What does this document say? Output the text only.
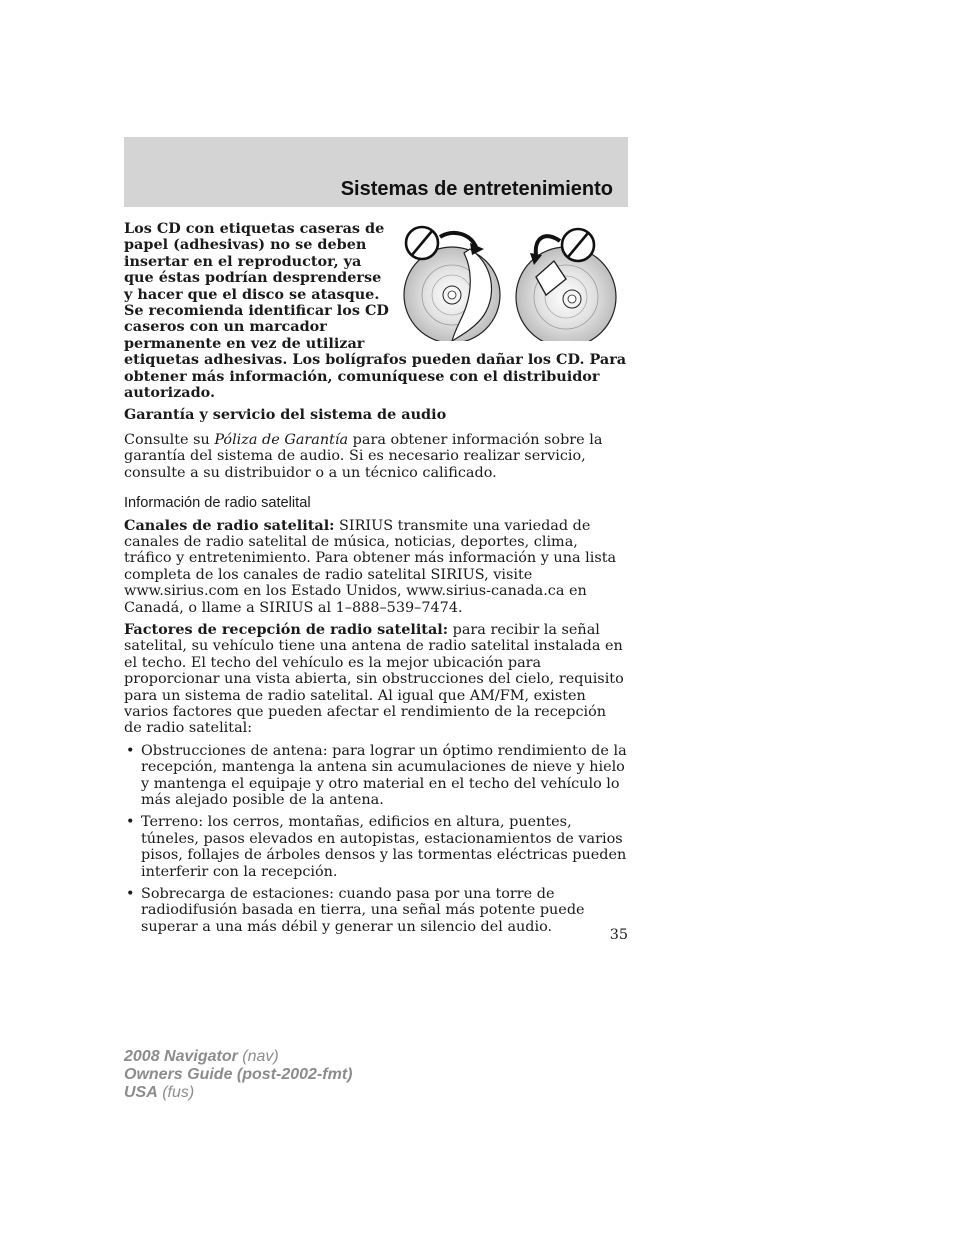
Sistemas de entretenimiento

Los CD con etiquetas caseras de papel (adhesivas) no se deben insertar en el reproductor, ya que éstas podrían desprenderse y hacer que el disco se atasque. Se recomienda identificar los CD caseros con un marcador permanente en vez de utilizar etiquetas adhesivas. Los bolígrafos pueden dañar los CD. Para obtener más información, comuníquese con el distribuidor autorizado.

Garantía y servicio del sistema de audio

Consulte su Póliza de Garantía para obtener información sobre la garantía del sistema de audio. Si es necesario realizar servicio, consulte a su distribuidor o a un técnico calificado.

Información de radio satelital

Canales de radio satelital: SIRIUS transmite una variedad de canales de radio satelital de música, noticias, deportes, clima, tráfico y entretenimiento. Para obtener más información y una lista completa de los canales de radio satelital SIRIUS, visite www.sirius.com en los Estado Unidos, www.sirius-canada.ca en Canadá, o llame a SIRIUS al 1–888–539–7474.

Factores de recepción de radio satelital: para recibir la señal satelital, su vehículo tiene una antena de radio satelital instalada en el techo. El techo del vehículo es la mejor ubicación para proporcionar una vista abierta, sin obstrucciones del cielo, requisito para un sistema de radio satelital. Al igual que AM/FM, existen varios factores que pueden afectar el rendimiento de la recepción de radio satelital:

• Obstrucciones de antena: para lograr un óptimo rendimiento de la recepción, mantenga la antena sin acumulaciones de nieve y hielo y mantenga el equipaje y otro material en el techo del vehículo lo más alejado posible de la antena.
• Terreno: los cerros, montañas, edificios en altura, puentes, túneles, pasos elevados en autopistas, estacionamientos de varios pisos, follajes de árboles densos y las tormentas eléctricas pueden interferir con la recepción.
• Sobrecarga de estaciones: cuando pasa por una torre de radiodifusión basada en tierra, una señal más potente puede superar a una más débil y generar un silencio del audio.
35
2008 Navigator (nav)
Owners Guide (post-2002-fmt)
USA (fus)
